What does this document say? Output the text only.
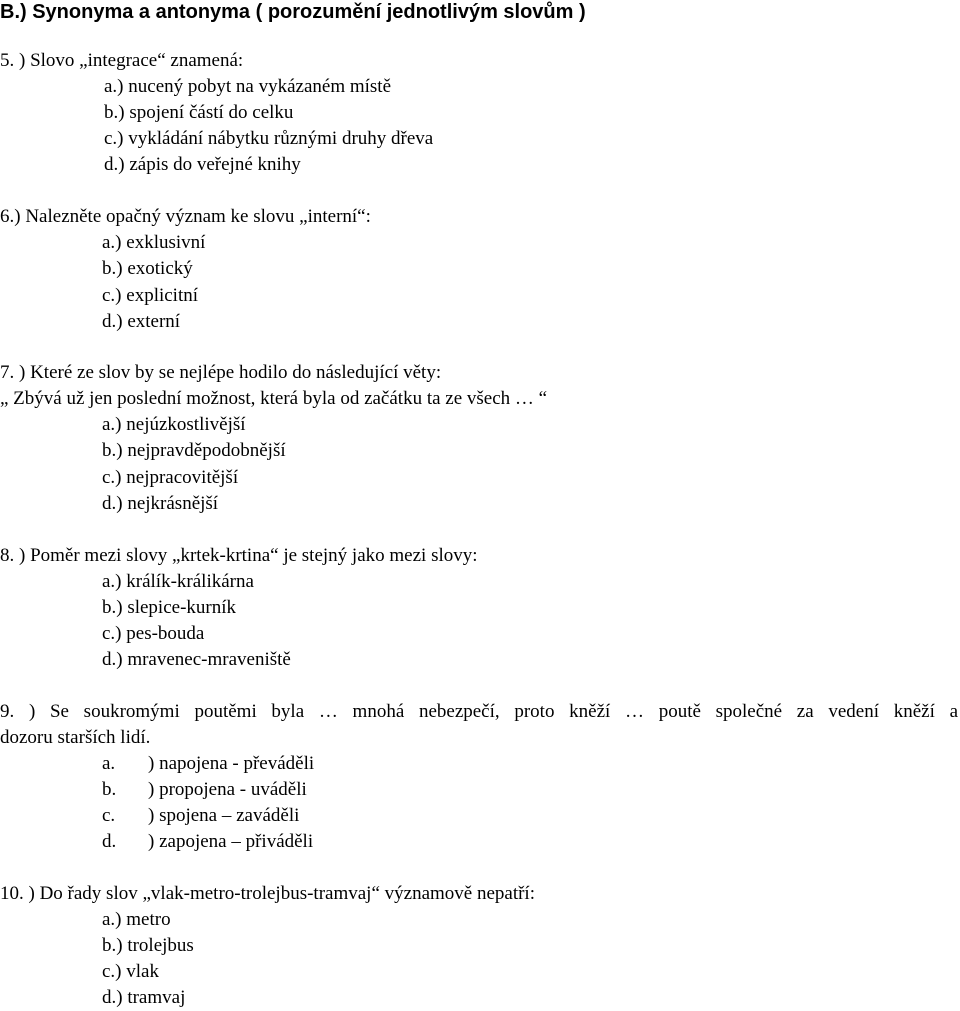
B.) Synonyma a antonyma ( porozumění jednotlivým slovům )
5. ) Slovo „integrace“ znamená:
a.) nucený pobyt na vykázaném místě
b.) spojení částí do celku
c.) vykládání nábytku různými druhy dřeva
d.) zápis do veřejné knihy
6.) Nalezněte opačný význam ke slovu „interní“:
a.) exklusivní
b.) exotický
c.) explicitní
d.) externí
7. ) Které ze slov by se nejlépe hodilo do následující věty:
„ Zbývá už jen poslední možnost, která byla od začátku ta ze všech … “
a.) nejúzkostlivější
b.) nejpravděpodobnější
c.) nejpracovitější
d.) nejkrásnější
8. ) Poměr mezi slovy „krtek-krtina“ je stejný jako mezi slovy:
a.) králík-králikárna
b.) slepice-kurník
c.) pes-bouda
d.) mravenec-mraveniště
9. ) Se soukromými poutěmi byla … mnohá nebezpečí, proto kněží … poutě společné za vedení kněží a
dozoru starších lidí.
a. ) napojena - převáděli
b. ) propojena - uváděli
c. ) spojena – zaváděli
d. ) zapojena – přiváděli
10. ) Do řady slov „vlak-metro-trolejbus-tramvaj“ významově nepatří:
a.) metro
b.) trolejbus
c.) vlak
d.) tramvaj
